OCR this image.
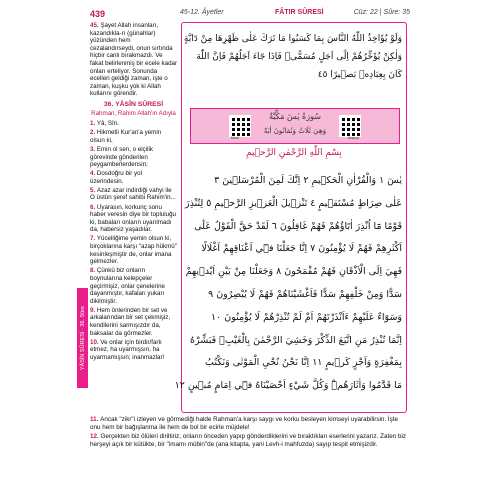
439	45-12. Âyetler	FÂTIR SÛRESİ	Cüz: 22 | Sûre: 35

45. Şayet Allah insanları, kazandıkla-rı (günahlar) yüzünden hem cezalandırseydi, onun sırtında hiçbir canlı bırakmazdı. Ve fakat belirlenmiş bir ecele kadar onları erteliyor. Sonunda ecelleri geldiği zaman, işte o zaman, kuşku yok ki Allah kullarını görendir.

36. YÂSÎN SÛRESİ

Rahman, Rahim Allah'ın Adıyla

1. Yâ, Sîn.

2. Hikmetli Kur'an'a yemin olsun ki,

3. Emin ol sen, o elçilik görevinde gönderilen peygamberlerdensin;

4. Dosdoğru bir yol üzerindesin.

5. Azaz azar indirdiği vahyi ile O üstün şeref sahibi Rahim'in...

6. Uyarasın, korkunç sonu haber veresin diye bir topluluğu ki, babaları onların uyarılmadı da, habersiz yaşadılar.

7. Yücelliğime yemin olsun ki, birçoklarına karşı "azap hükmü" kesinleşmiştir de, onlar imana gelmezler.

8. Çünkü biz onların boynularına kelepçeler geçirmişiz, onlar çenelerine dayanmıştır, kafaları yukarı dikilmiştir.

9. Hem önlerinden bir set ve arkalarından bir set çekmişiz, kendilerini sarmışızdır da, baksalar da görmezler.

10. Ve onlar için birdir/fark etmez, ha uyarmışsın, ha uyarmamışsın; inanmazlar!

YÂSÎN SÛRESİ · 36. Sûre
وَلَوْ يُؤَاخِذُ اللّٰهُ النَّاسَ بِمَا كَسَبُوا مَا تَرَكَ عَلٰى ظَهْرِهَا مِنْ دَٓابَّةٍ
وَلٰكِنْ يُؤَخِّرُهُمْ اِلٰٓى اَجَلٍ مُسَمًّىۚ فَاِذَا جَٓاءَ اَجَلُهُمْ فَاِنَّ اللّٰهَ
كَانَ بِعِبَادِه۪ بَص۪يرًا ٤٥
سُورَةُ يٰسٓ مَكِّيَّةٌ
وَهِيَ ثَلَاثٌ وَثَمَانُونَ اٰيَةً
Meal	Arapça
بِسْمِ اللّٰهِ الرَّحْمٰنِ الرَّح۪يمِ
يٰسٓ ١ وَالْقُرْاٰنِ الْحَك۪يمِ ٢ اِنَّكَ لَمِنَ الْمُرْسَل۪ينَ ٣
عَلٰى صِرَاطٍ مُسْتَق۪يمٍ ٤ تَنْز۪يلَ الْعَز۪يزِ الرَّح۪يمِ ٥ لِتُنْذِرَ
قَوْمًا مَٓا اُنْذِرَ اٰبَٓاؤُهُمْ فَهُمْ غَافِلُونَ ٦ لَقَدْ حَقَّ الْقَوْلُ عَلٰٓى
اَكْثَرِهِمْ فَهُمْ لَا يُؤْمِنُونَ ٧ اِنَّا جَعَلْنَا ف۪ٓي اَعْنَاقِهِمْ اَغْلَالًا
فَهِيَ اِلَى الْاَذْقَانِ فَهُمْ مُقْمَحُونَ ٨ وَجَعَلْنَا مِنْ بَيْنِ اَيْد۪يهِمْ
سَدًّا وَمِنْ خَلْفِهِمْ سَدًّا فَاَغْشَيْنَاهُمْ فَهُمْ لَا يُبْصِرُونَ ٩
وَسَوَٓاءٌ عَلَيْهِمْ ءَاَنْذَرْتَهُمْ اَمْ لَمْ تُنْذِرْهُمْ لَا يُؤْمِنُونَ ١٠
اِنَّمَا تُنْذِرُ مَنِ اتَّبَعَ الذِّكْرَ وَخَشِيَ الرَّحْمٰنَ بِالْغَيْبِۚ فَبَشِّرْهُ
بِمَغْفِرَةٍ وَاَجْرٍ كَر۪يمٍ ١١ اِنَّا نَحْنُ نُحْيِ الْمَوْتٰى وَنَكْتُبُ
مَا قَدَّمُوا وَاٰثَارَهُمْۜ وَكُلَّ شَيْءٍ اَحْصَيْنَاهُ ف۪ٓي اِمَامٍ مُب۪ينٍ ١٢

11. Ancak "zikr"i izleyen ve görmediği halde Rahman'a karşı saygı ve korku besleyen kimseyi uyarabilirsin. İşte onu hem bir bağışlanma ile hem de bol bir ecirle müjdele!

12. Gerçekten biz ölüleri diriltiriz, onların önceden yapıp gönderdiklerini ve bıraktıkları eserlerini yazarız. Zaten biz herşeyi açık bir kütükte, bir "imamı mübin"de (ana kitapta, yani Levh-i mahfuzda) sayıp tespit etmişizdir.
